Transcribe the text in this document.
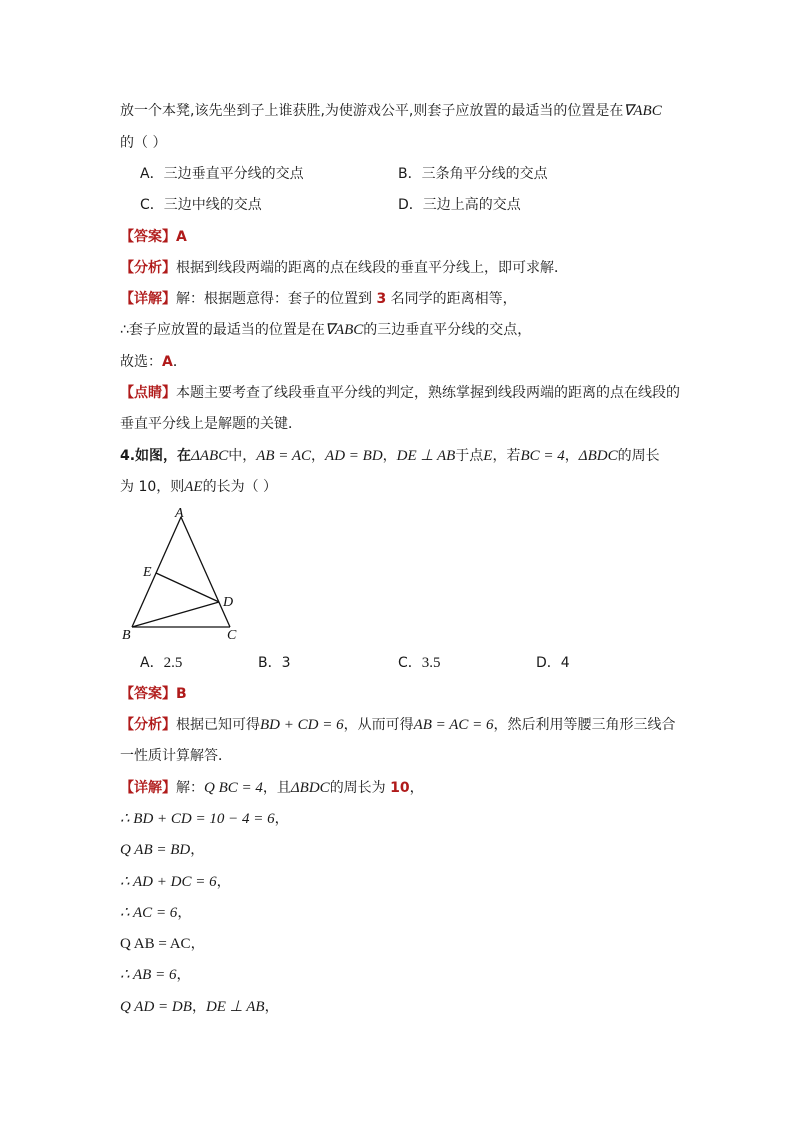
放一个本凳,该先坐到子上谁获胜,为使游戏公平,则套子应放置的最适当的位置是在∇ABC
的（ ）
A．三边垂直平分线的交点	B．三条角平分线的交点
C．三边中线的交点	D．三边上高的交点
【答案】A
【分析】根据到线段两端的距离的点在线段的垂直平分线上，即可求解．
【详解】解：根据题意得：套子的位置到 3 名同学的距离相等，
∴套子应放置的最适当的位置是在∇ABC的三边垂直平分线的交点，
故选：A．
【点睛】本题主要考查了线段垂直平分线的判定，熟练掌握到线段两端的距离的点在线段的
垂直平分线上是解题的关键．
4.如图，在ΔABC中，AB = AC，AD = BD，DE ⊥ AB于点E，若BC = 4，ΔBDC的周长
为 10，则AE的长为（ ）
A
E
D
B	C
A．2.5	B．3	C．3.5	D．4
【答案】B
【分析】根据已知可得BD + CD = 6，从而可得AB = AC = 6，然后利用等腰三角形三线合
一性质计算解答．
【详解】解：Q BC = 4，且ΔBDC的周长为 10，
∴ BD + CD = 10 − 4 = 6，
Q AB = BD，
∴ AD + DC = 6，
∴ AC = 6，
Q AB = AC，
∴ AB = 6，
Q AD = DB，DE ⊥ AB，
